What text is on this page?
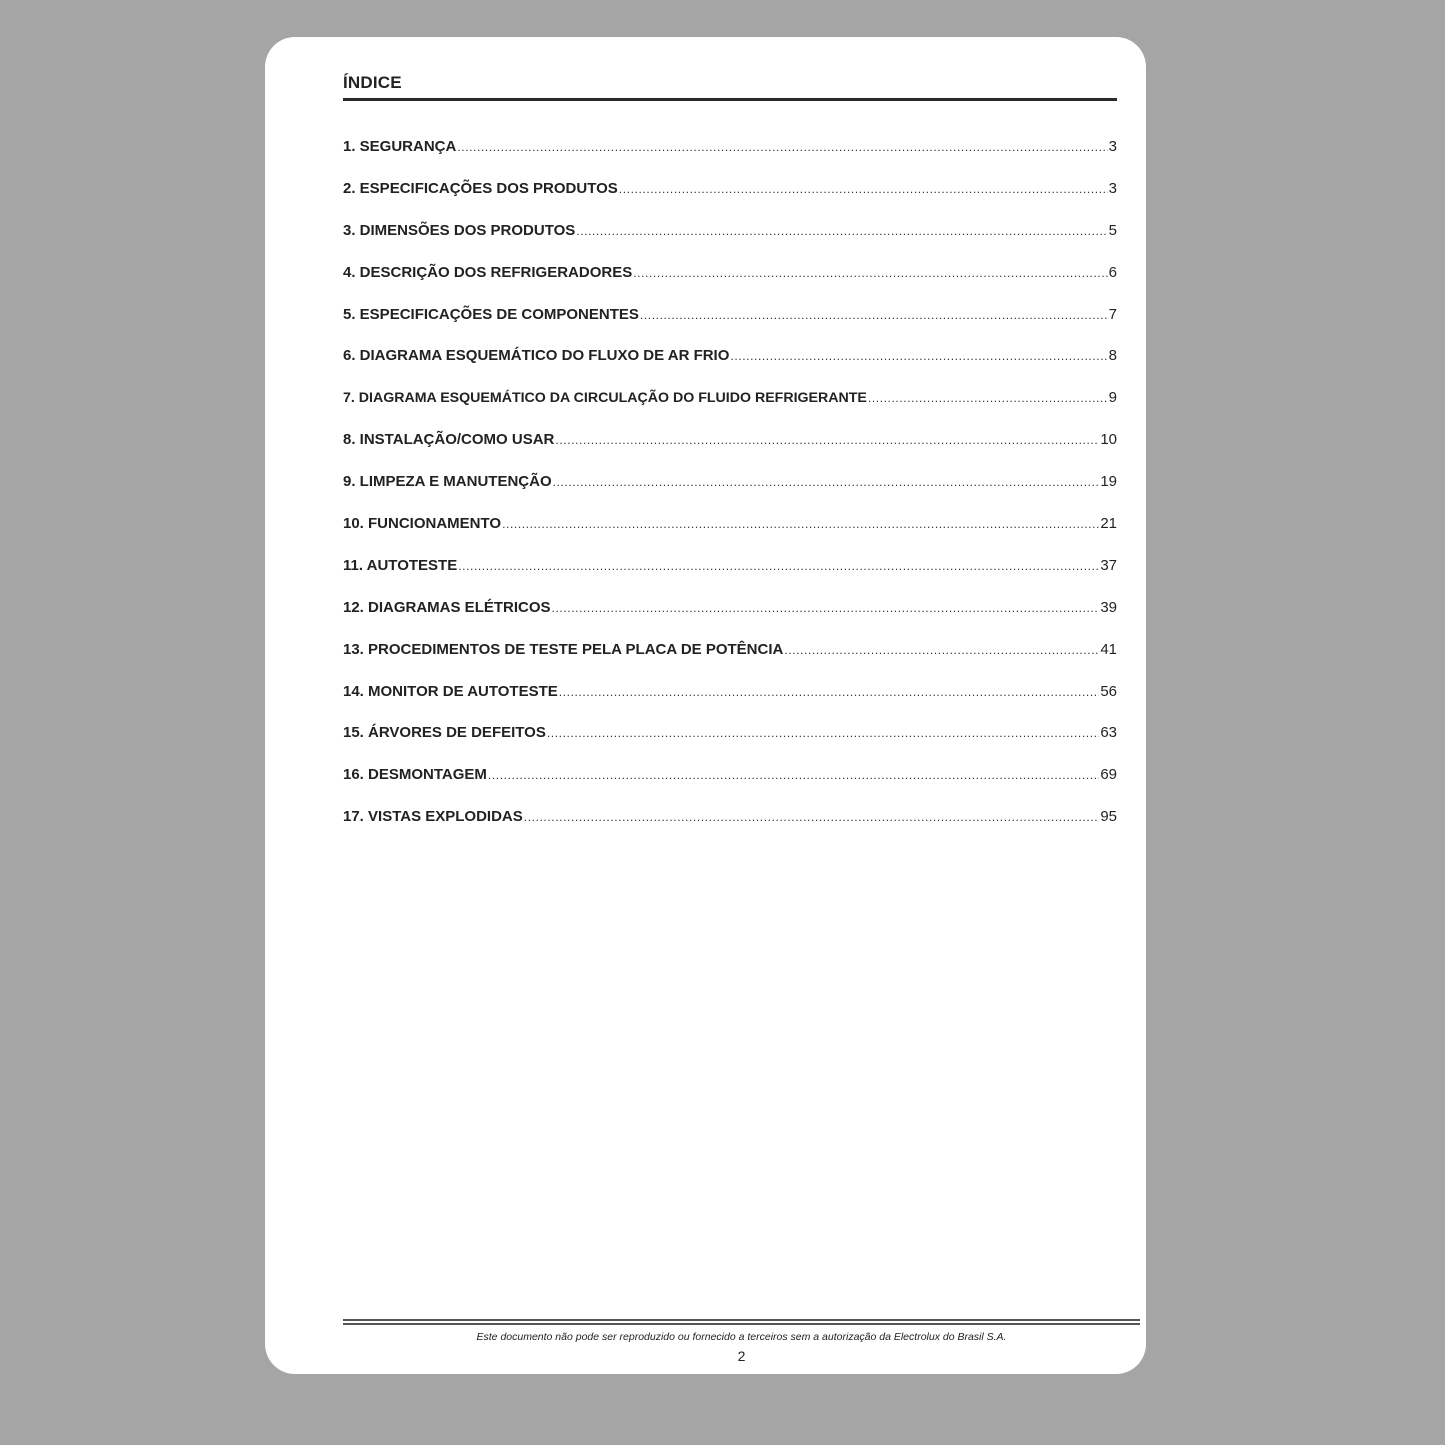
ÍNDICE
1. SEGURANÇA .....	3
2. ESPECIFICAÇÕES DOS PRODUTOS .....	3
3. DIMENSÕES DOS PRODUTOS .....	5
4. DESCRIÇÃO DOS REFRIGERADORES .....	6
5. ESPECIFICAÇÕES DE COMPONENTES .....	7
6. DIAGRAMA ESQUEMÁTICO DO FLUXO DE AR FRIO .....	8
7. DIAGRAMA ESQUEMÁTICO DA CIRCULAÇÃO DO FLUIDO REFRIGERANTE .....	9
8. INSTALAÇÃO/COMO USAR .....	10
9. LIMPEZA E MANUTENÇÃO .....	19
10. FUNCIONAMENTO .....	21
11. AUTOTESTE .....	37
12. DIAGRAMAS ELÉTRICOS .....	39
13. PROCEDIMENTOS DE TESTE PELA PLACA DE POTÊNCIA .....	41
14. MONITOR DE AUTOTESTE .....	56
15. ÁRVORES DE DEFEITOS .....	63
16. DESMONTAGEM .....	69
17. VISTAS EXPLODIDAS .....	95
Este documento não pode ser reproduzido ou fornecido a terceiros sem a autorização da Electrolux do Brasil S.A.
2
